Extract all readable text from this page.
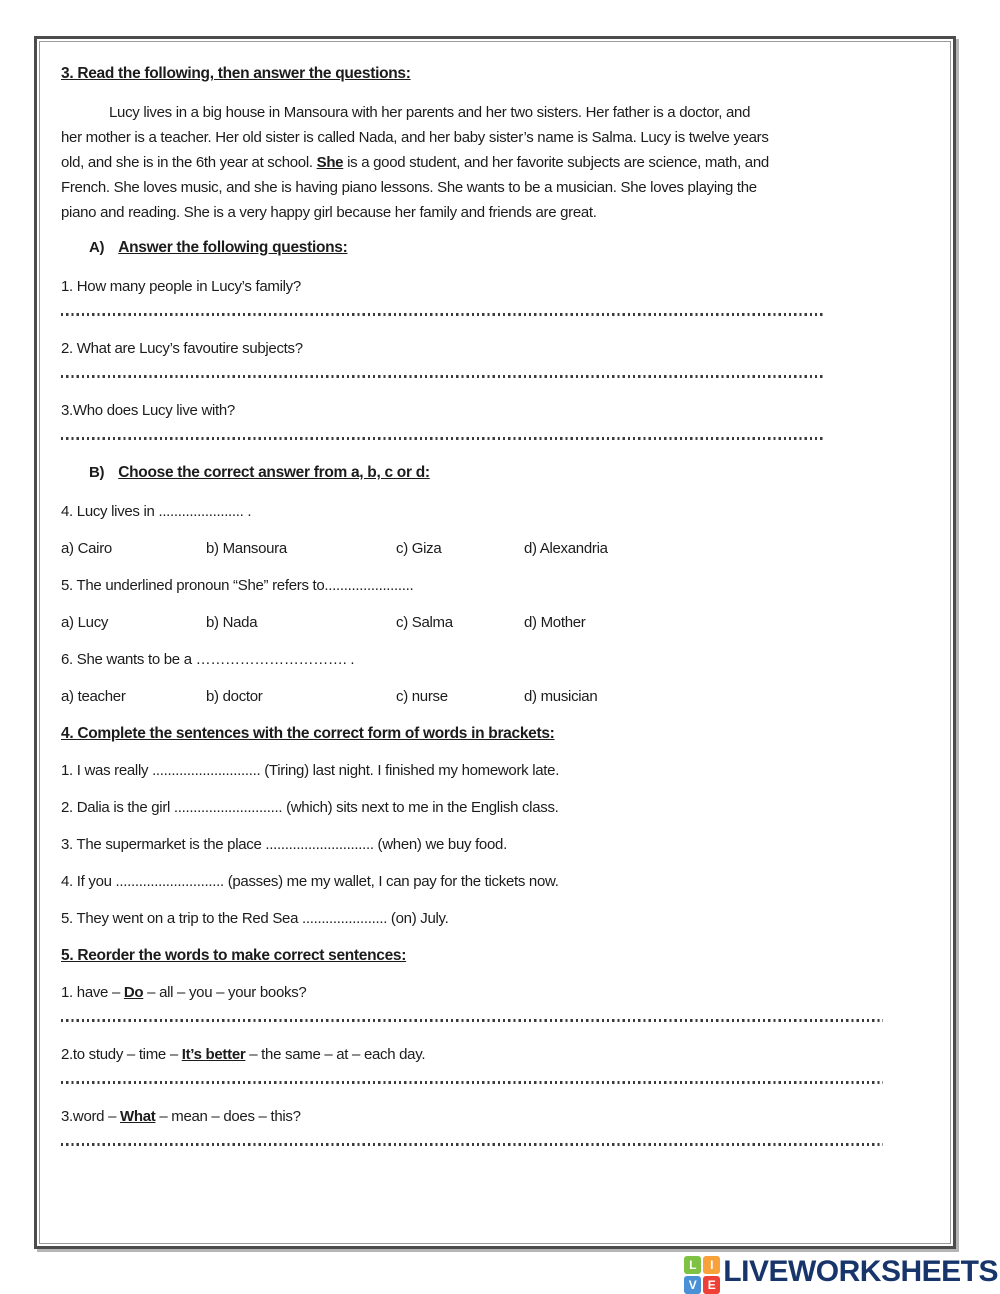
3. Read the following, then answer the questions:
Lucy lives in a big house in Mansoura with her parents and her two sisters. Her father is a doctor, and
her mother is a teacher. Her old sister is called Nada, and her baby sister’s name is Salma. Lucy is twelve years
old, and she is in the 6th year at school. She is a good student, and her favorite subjects are science, math, and
French. She loves music, and she is having piano lessons. She wants to be a musician. She loves playing the
piano and reading. She is a very happy girl because her family and friends are great.
A) Answer the following questions:
1. How many people in Lucy’s family?
2. What are Lucy’s favoutire subjects?
3.Who does Lucy live with?
B) Choose the correct answer from a, b, c or d:
4. Lucy lives in ...................... .
a) Cairo	b) Mansoura	c) Giza	d) Alexandria
5. The underlined pronoun “She” refers to.......................
a) Lucy	b) Nada	c) Salma	d) Mother
6. She wants to be a …………………………. .
a) teacher	b) doctor	c) nurse	d) musician
4. Complete the sentences with the correct form of words in brackets:
1. I was really ............................ (Tiring) last night. I finished my homework late.
2. Dalia is the girl ............................ (which) sits next to me in the English class.
3. The supermarket is the place ............................ (when) we buy food.
4. If you ............................ (passes) me my wallet, I can pay for the tickets now.
5. They went on a trip to the Red Sea ...................... (on) July.
5. Reorder the words to make correct sentences:
1. have – Do – all – you – your books?
2.to study – time – It’s better – the same – at – each day.
3.word – What – mean – does – this?
L	I
V E LIVEWORKSHEETS
